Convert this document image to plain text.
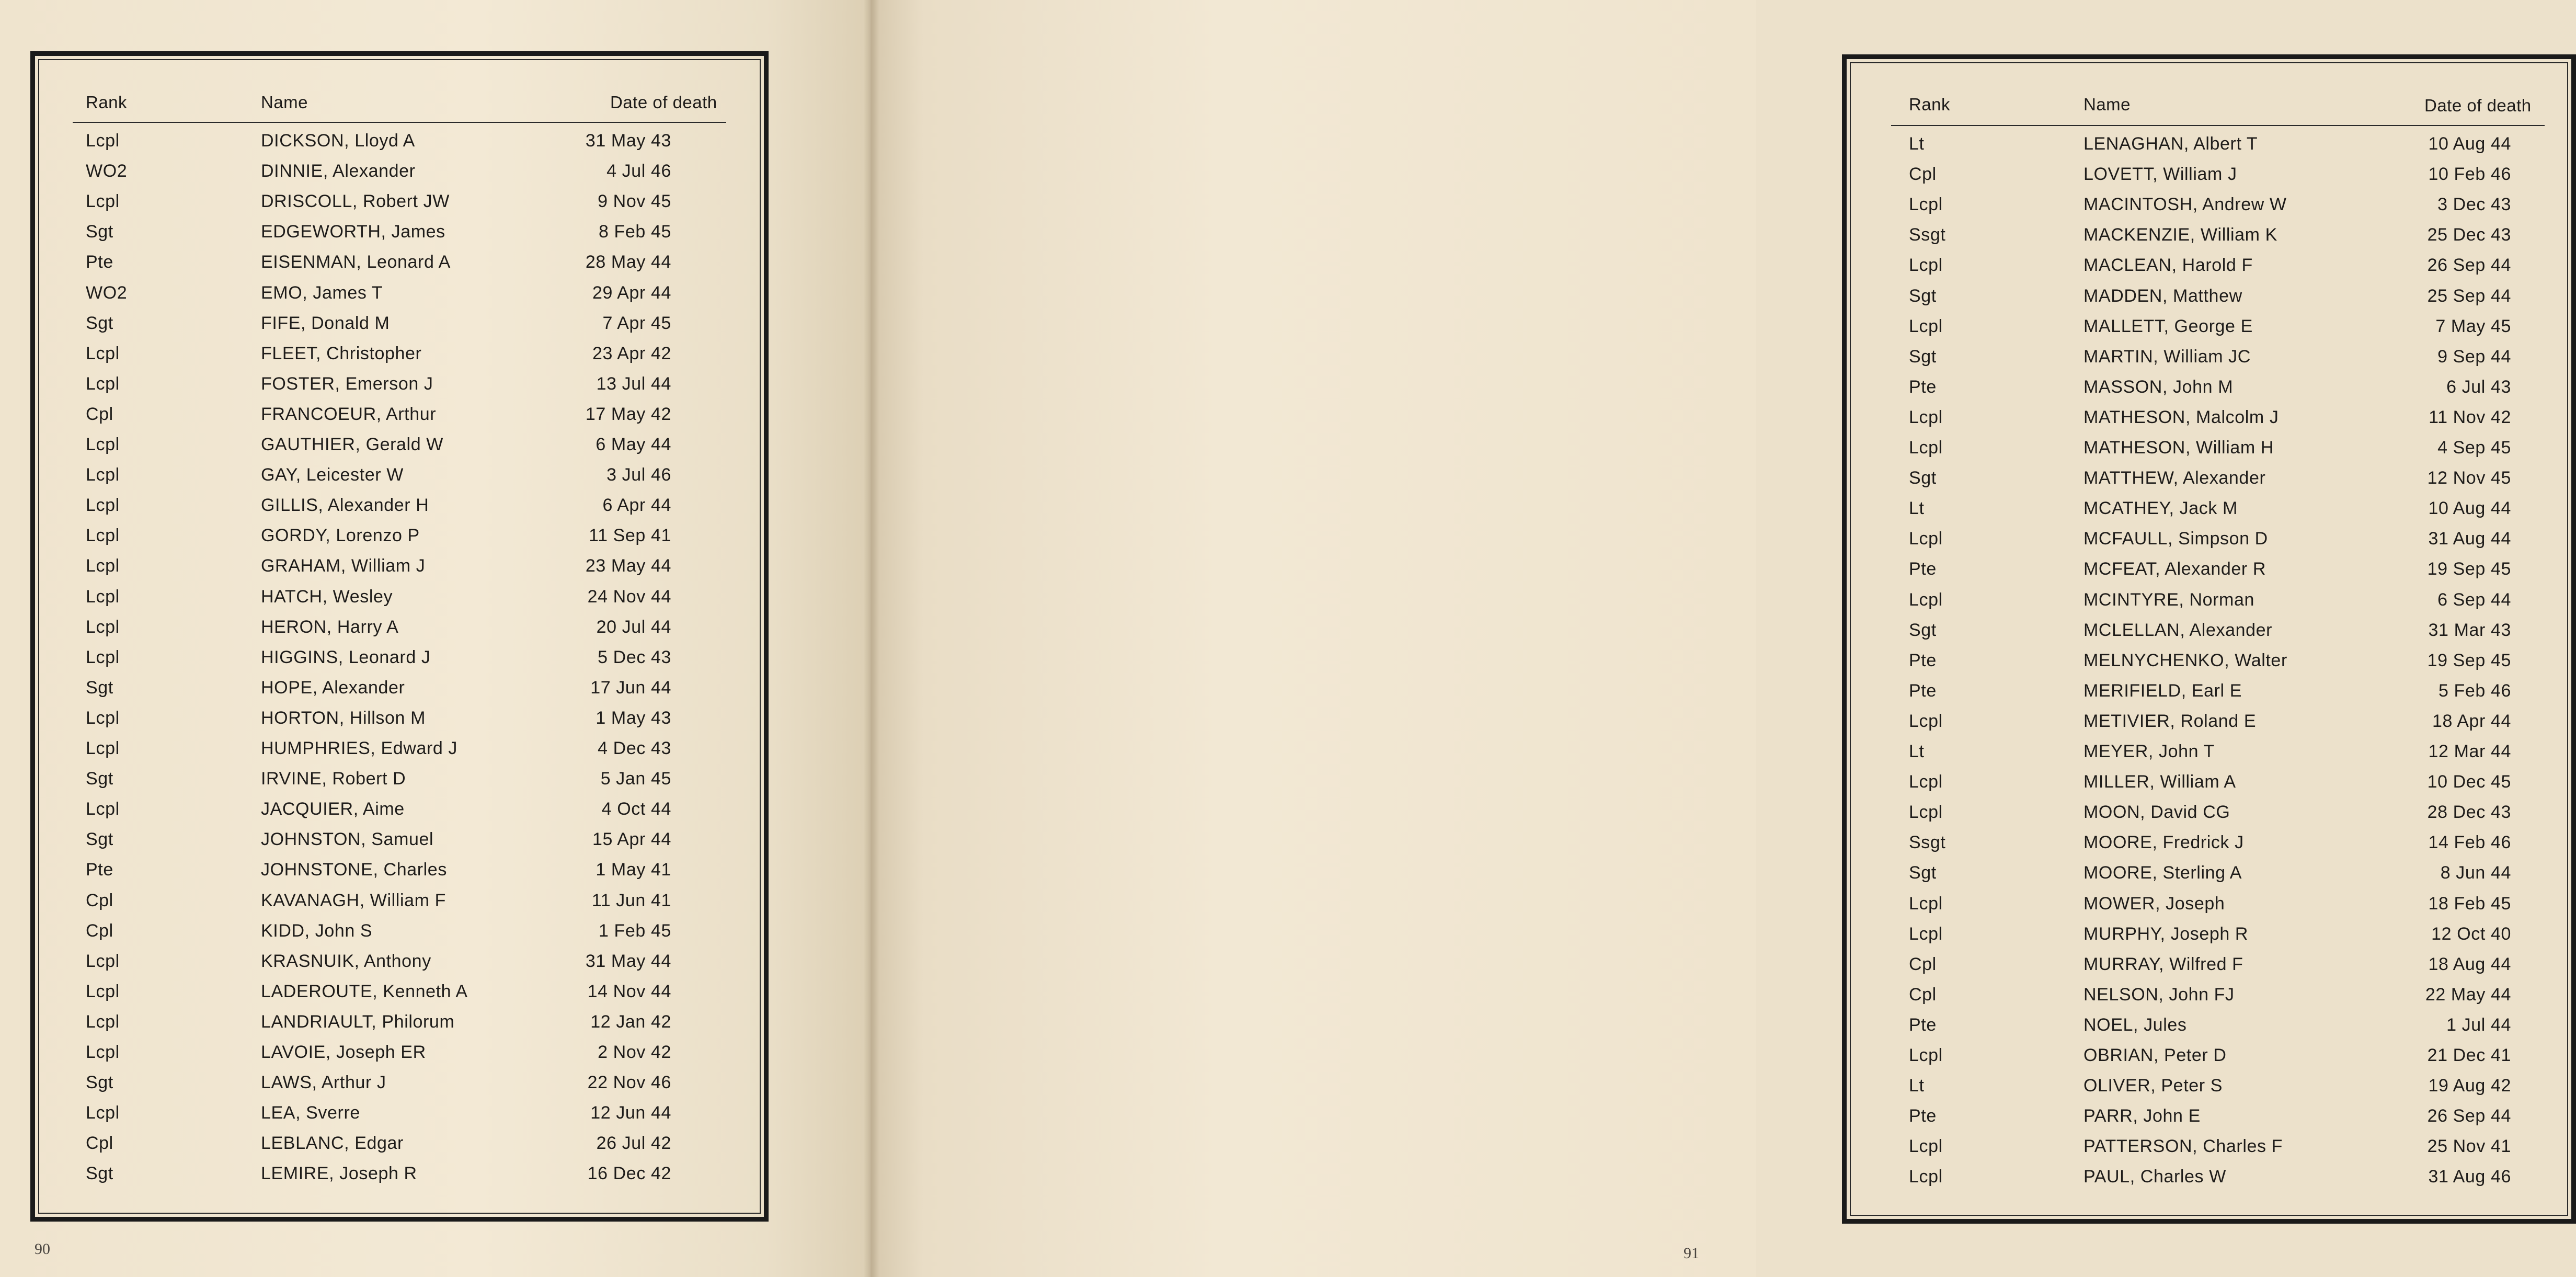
Rank	Name	Date of death
Lcpl	DICKSON, Lloyd A	31 May 43
WO2	DINNIE, Alexander	4 Jul 46
Lcpl	DRISCOLL, Robert JW	9 Nov 45
Sgt	EDGEWORTH, James	8 Feb 45
Pte	EISENMAN, Leonard A	28 May 44
WO2	EMO, James T	29 Apr 44
Sgt	FIFE, Donald M	7 Apr 45
Lcpl	FLEET, Christopher	23 Apr 42
Lcpl	FOSTER, Emerson J	13 Jul 44
Cpl	FRANCOEUR, Arthur	17 May 42
Lcpl	GAUTHIER, Gerald W	6 May 44
Lcpl	GAY, Leicester W	3 Jul 46
Lcpl	GILLIS, Alexander H	6 Apr 44
Lcpl	GORDY, Lorenzo P	11 Sep 41
Lcpl	GRAHAM, William J	23 May 44
Lcpl	HATCH, Wesley	24 Nov 44
Lcpl	HERON, Harry A	20 Jul 44
Lcpl	HIGGINS, Leonard J	5 Dec 43
Sgt	HOPE, Alexander	17 Jun 44
Lcpl	HORTON, Hillson M	1 May 43
Lcpl	HUMPHRIES, Edward J	4 Dec 43
Sgt	IRVINE, Robert D	5 Jan 45
Lcpl	JACQUIER, Aime	4 Oct 44
Sgt	JOHNSTON, Samuel	15 Apr 44
Pte	JOHNSTONE, Charles	1 May 41
Cpl	KAVANAGH, William F	11 Jun 41
Cpl	KIDD, John S	1 Feb 45
Lcpl	KRASNUIK, Anthony	31 May 44
Lcpl	LADEROUTE, Kenneth A	14 Nov 44
Lcpl	LANDRIAULT, Philorum	12 Jan 42
Lcpl	LAVOIE, Joseph ER	2 Nov 42
Sgt	LAWS, Arthur J	22 Nov 46
Lcpl	LEA, Sverre	12 Jun 44
Cpl	LEBLANC, Edgar	26 Jul 42
Sgt	LEMIRE, Joseph R	16 Dec 42
90
Rank	Name	Date of death
Lt	LENAGHAN, Albert T	10 Aug 44
Cpl	LOVETT, William J	10 Feb 46
Lcpl	MACINTOSH, Andrew W	3 Dec 43
Ssgt	MACKENZIE, William K	25 Dec 43
Lcpl	MACLEAN, Harold F	26 Sep 44
Sgt	MADDEN, Matthew	25 Sep 44
Lcpl	MALLETT, George E	7 May 45
Sgt	MARTIN, William JC	9 Sep 44
Pte	MASSON, John M	6 Jul 43
Lcpl	MATHESON, Malcolm J	11 Nov 42
Lcpl	MATHESON, William H	4 Sep 45
Sgt	MATTHEW, Alexander	12 Nov 45
Lt	MCATHEY, Jack M	10 Aug 44
Lcpl	MCFAULL, Simpson D	31 Aug 44
Pte	MCFEAT, Alexander R	19 Sep 45
Lcpl	MCINTYRE, Norman	6 Sep 44
Sgt	MCLELLAN, Alexander	31 Mar 43
Pte	MELNYCHENKO, Walter	19 Sep 45
Pte	MERIFIELD, Earl E	5 Feb 46
Lcpl	METIVIER, Roland E	18 Apr 44
Lt	MEYER, John T	12 Mar 44
Lcpl	MILLER, William A	10 Dec 45
Lcpl	MOON, David CG	28 Dec 43
Ssgt	MOORE, Fredrick J	14 Feb 46
Sgt	MOORE, Sterling A	8 Jun 44
Lcpl	MOWER, Joseph	18 Feb 45
Lcpl	MURPHY, Joseph R	12 Oct 40
Cpl	MURRAY, Wilfred F	18 Aug 44
Cpl	NELSON, John FJ	22 May 44
Pte	NOEL, Jules	1 Jul 44
Lcpl	OBRIAN, Peter D	21 Dec 41
Lt	OLIVER, Peter S	19 Aug 42
Pte	PARR, John E	26 Sep 44
Lcpl	PATTERSON, Charles F	25 Nov 41
Lcpl	PAUL, Charles W	31 Aug 46
91
